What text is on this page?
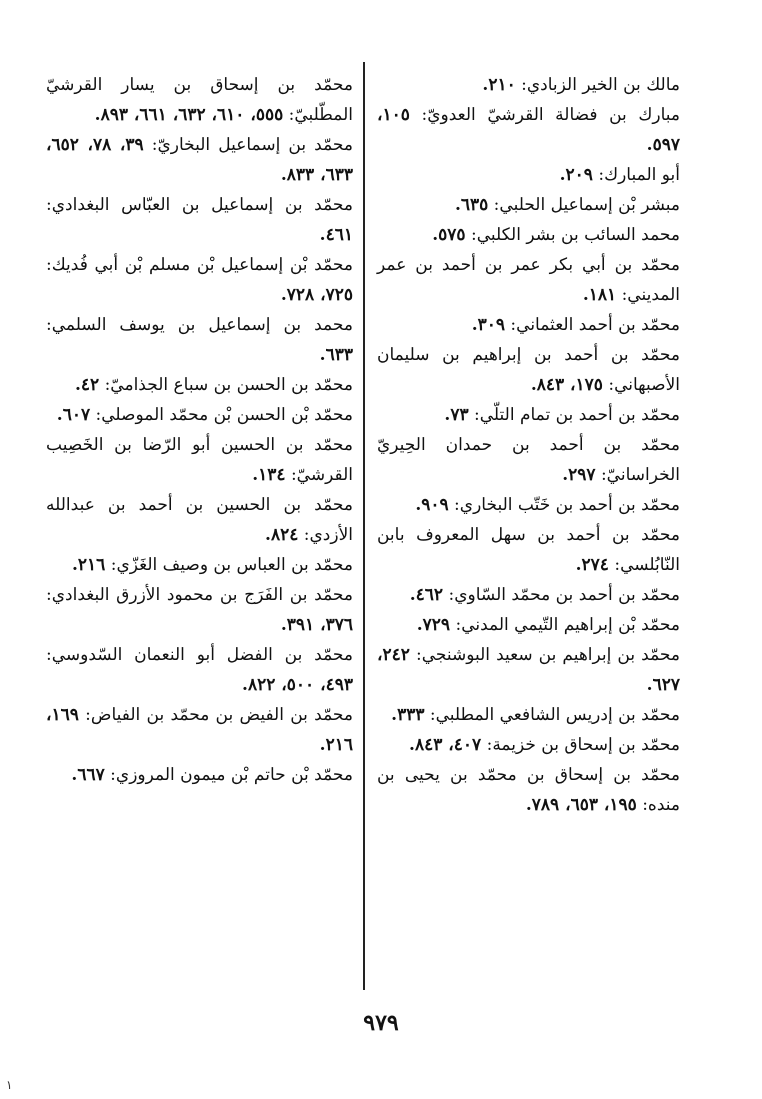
مالك بن الخير الزبادي: ٢١٠.
مبارك بن فضالة القرشيّ العدويّ: ١٠٥، ٥٩٧.
أبو المبارك: ٢٠٩.
مبشر بْن إسماعيل الحلبي: ٦٣٥.
محمد السائب بن بشر الكلبي: ٥٧٥.
محمّد بن أبي بكر عمر بن أحمد بن عمر المديني: ١٨١.
محمّد بن أحمد العثماني: ٣٠٩.
محمّد بن أحمد بن إبراهيم بن سليمان الأصبهاني: ١٧٥، ٨٤٣.
محمّد بن أحمد بن تمام التلّي: ٧٣.
محمّد بن أحمد بن حمدان الحِيريّ الخراسانيّ: ٢٩٧.
محمّد بن أحمد بن خَتّب البخاري: ٩٠٩.
محمّد بن أحمد بن سهل المعروف بابن النّابُلسي: ٢٧٤.
محمّد بن أحمد بن محمّد السّاوي: ٤٦٢.
محمّد بْن إبراهيم التّيمي المدني: ٧٢٩.
محمّد بن إبراهيم بن سعيد البوشنجي: ٢٤٢، ٦٢٧.
محمّد بن إدريس الشافعي المطلبي: ٣٣٣.
محمّد بن إسحاق بن خزيمة: ٤٠٧، ٨٤٣.
محمّد بن إسحاق بن محمّد بن يحيى بن منده: ١٩٥، ٦٥٣، ٧٨٩.
محمّد بن إسحاق بن يسار القرشيّ المطّلبيّ: ٥٥٥، ٦١٠، ٦٣٢، ٦٦١، ٨٩٣.
محمّد بن إسماعيل البخاريّ: ٣٩، ٧٨، ٦٥٢، ٦٣٣، ٨٣٣.
محمّد بن إسماعيل بن العبّاس البغدادي: ٤٦١.
محمّد بْن إسماعيل بْن مسلم بْن أبي فُديك: ٧٢٥، ٧٢٨.
محمد بن إسماعيل بن يوسف السلمي: ٦٣٣.
محمّد بن الحسن بن سباع الجذاميّ: ٤٢.
محمّد بْن الحسن بْن محمّد الموصلي: ٦٠٧.
محمّد بن الحسين أبو الرّضا بن الخَصِيب القرشيّ: ١٣٤.
محمّد بن الحسين بن أحمد بن عبدالله الأزدي: ٨٢٤.
محمّد بن العباس بن وصيف الغَزّي: ٢١٦.
محمّد بن الفَرَج بن محمود الأزرق البغدادي: ٣٧٦، ٣٩١.
محمّد بن الفضل أبو النعمان السّدوسي: ٤٩٣، ٥٠٠، ٨٢٢.
محمّد بن الفيض بن محمّد بن الفياض: ١٦٩، ٢١٦.
محمّد بْن حاتم بْن ميمون المروزي: ٦٦٧.
٩٧٩
١
